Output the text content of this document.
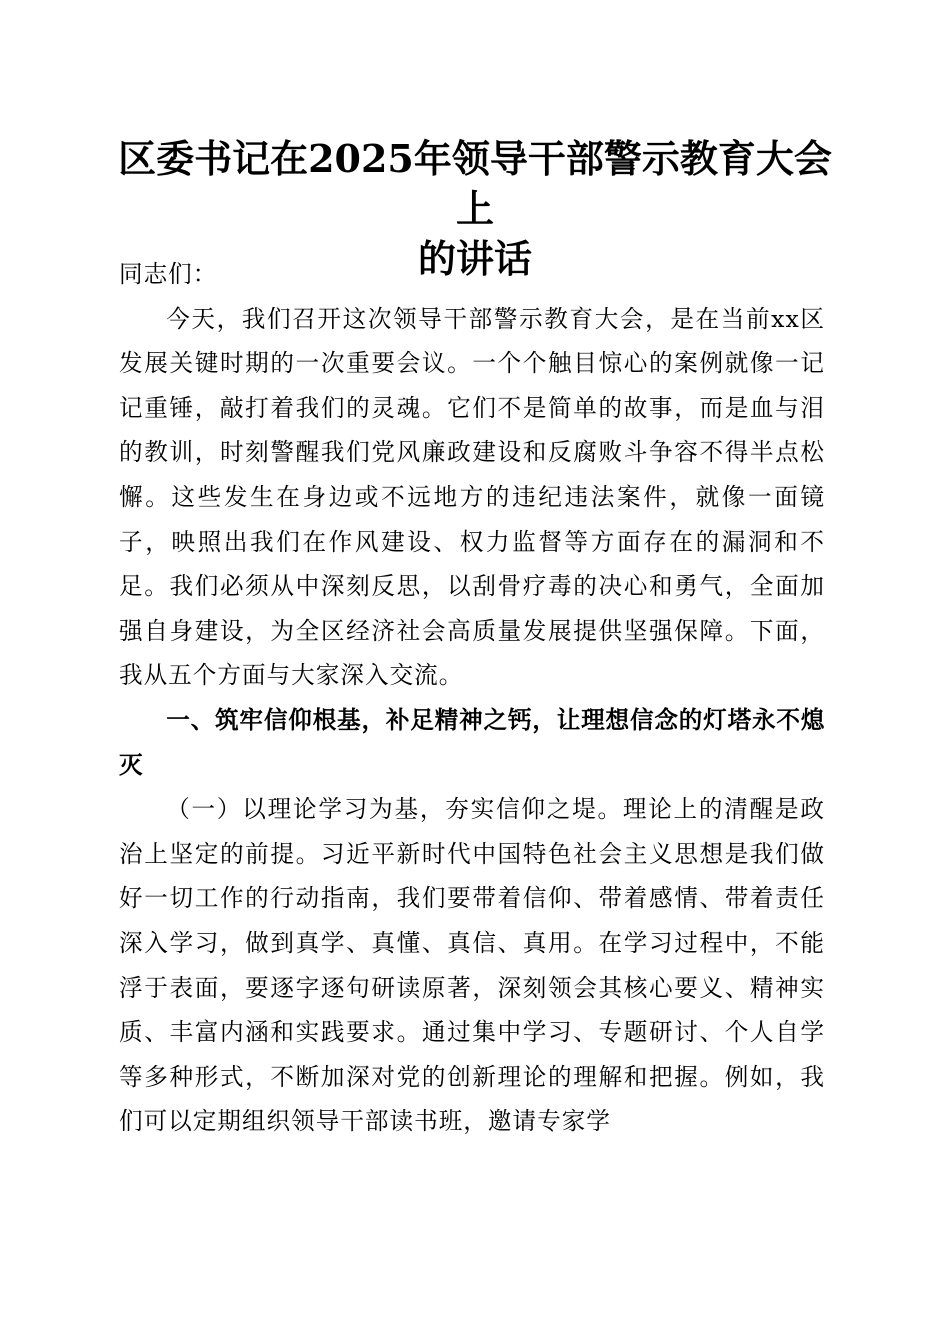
区委书记在2025年领导干部警示教育大会上
的讲话

同志们：

今天，我们召开这次领导干部警示教育大会，是在当前xx区发展关键时期的一次重要会议。一个个触目惊心的案例就像一记记重锤，敲打着我们的灵魂。它们不是简单的故事，而是血与泪的教训，时刻警醒我们党风廉政建设和反腐败斗争容不得半点松懈。这些发生在身边或不远地方的违纪违法案件，就像一面镜子，映照出我们在作风建设、权力监督等方面存在的漏洞和不足。我们必须从中深刻反思，以刮骨疗毒的决心和勇气，全面加强自身建设，为全区经济社会高质量发展提供坚强保障。下面，我从五个方面与大家深入交流。

一、筑牢信仰根基，补足精神之钙，让理想信念的灯塔永不熄灭

（一）以理论学习为基，夯实信仰之堤。理论上的清醒是政治上坚定的前提。习近平新时代中国特色社会主义思想是我们做好一切工作的行动指南，我们要带着信仰、带着感情、带着责任深入学习，做到真学、真懂、真信、真用。在学习过程中，不能浮于表面，要逐字逐句研读原著，深刻领会其核心要义、精神实质、丰富内涵和实践要求。通过集中学习、专题研讨、个人自学等多种形式，不断加深对党的创新理论的理解和把握。例如，我们可以定期组织领导干部读书班，邀请专家学
